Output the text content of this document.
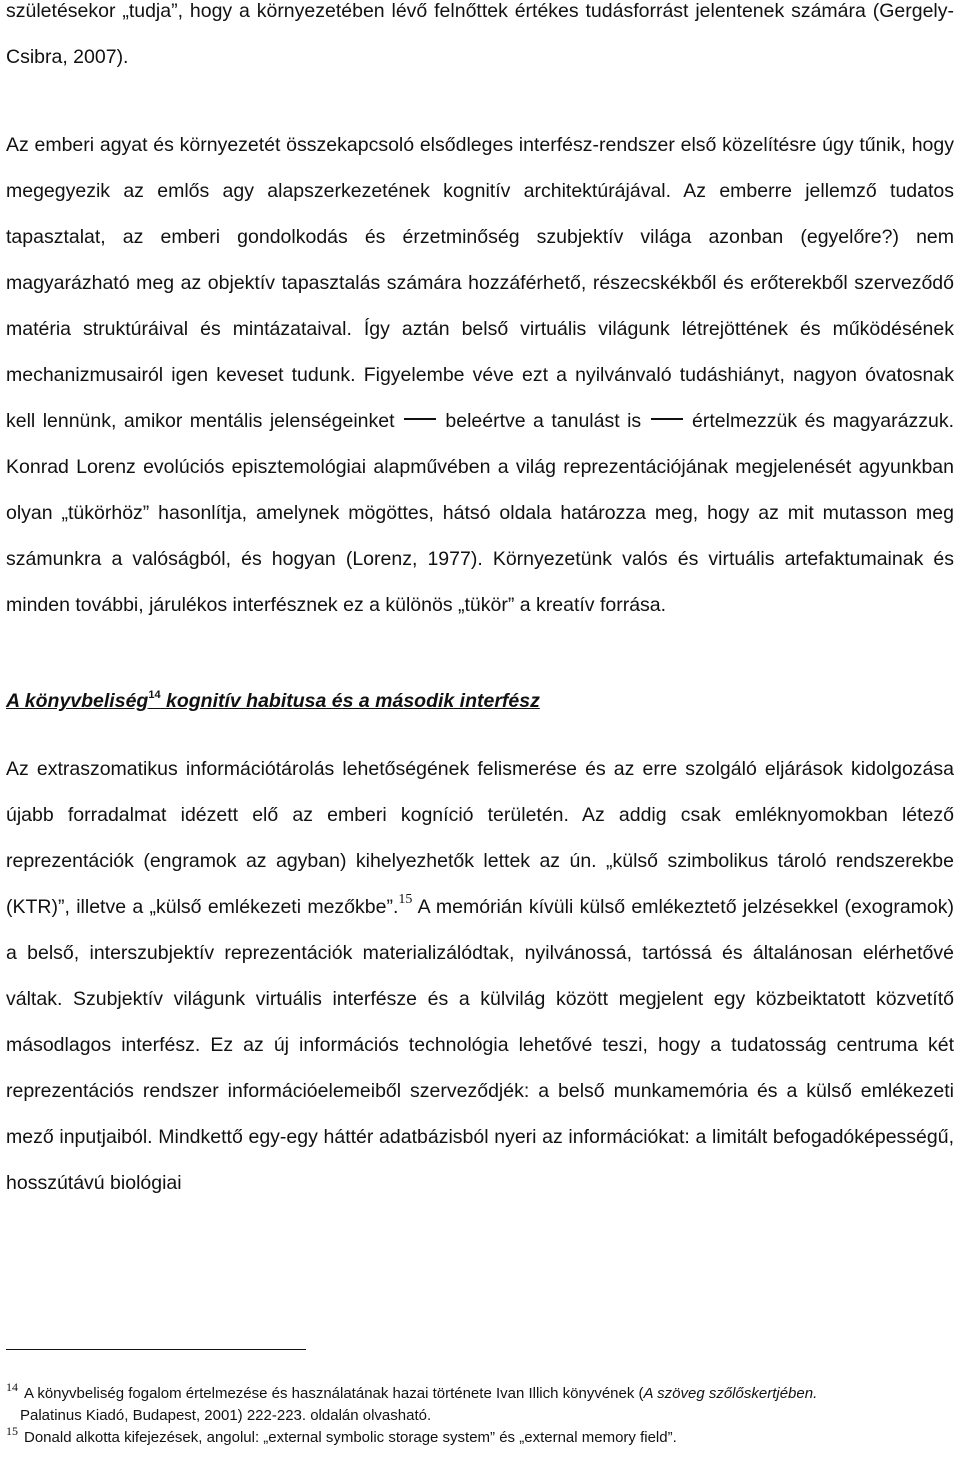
születésekor „tudja”, hogy a környezetében lévő felnőttek értékes tudásforrást jelentenek számára (Gergely-Csibra, 2007).

Az emberi agyat és környezetét összekapcsoló elsődleges interfész-rendszer első közelítésre úgy tűnik, hogy megegyezik az emlős agy alapszerkezetének kognitív architektúrájával. Az emberre jellemző tudatos tapasztalat, az emberi gondolkodás és érzetminőség szubjektív világa azonban (egyelőre?) nem magyarázható meg az objektív tapasztalás számára hozzáférhető, részecskékből és erőterekből szerveződő matéria struktúráival és mintázataival. Így aztán belső virtuális világunk létrejöttének és működésének mechanizmusairól igen keveset tudunk. Figyelembe véve ezt a nyilvánvaló tudáshiányt, nagyon óvatosnak kell lennünk, amikor mentális jelenségeinket	beleértve a tanulást is	értelmezzük és magyarázzuk. Konrad Lorenz evolúciós episztemológiai alapművében a világ reprezentációjának megjelenését agyunkban olyan „tükörhöz” hasonlítja, amelynek mögöttes, hátsó oldala határozza meg, hogy az mit mutasson meg számunkra a valóságból, és hogyan (Lorenz, 1977). Környezetünk valós és virtuális artefaktumainak és minden további, járulékos interfésznek ez a különös „tükör” a kreatív forrása.

A könyvbeliség$^{14}$ kognitív habitusa és a második interfész

Az extraszomatikus információtárolás lehetőségének felismerése és az erre szolgáló eljárások kidolgozása újabb forradalmat idézett elő az emberi kogníció területén. Az addig csak emléknyomokban létező reprezentációk (engramok az agyban) kihelyezhetők lettek az ún. „külső szimbolikus tároló rendszerekbe (KTR)”, illetve a „külső emlékezeti mezőkbe”.$^{15}$ A memórián kívüli külső emlékeztető jelzésekkel (exogramok) a belső, interszubjektív reprezentációk materializálódtak, nyilvánossá, tartóssá és általánosan elérhetővé váltak. Szubjektív világunk virtuális interfésze és a külvilág között megjelent egy közbeiktatott közvetítő másodlagos interfész. Ez az új információs technológia lehetővé teszi, hogy a tudatosság centruma két reprezentációs rendszer információelemeiből szerveződjék: a belső munkamemória és a külső emlékezeti mező inputjaiból. Mindkettő egy-egy háttér adatbázisból nyeri az információkat: a limitált befogadóképességű, hosszútávú biológiai

$^{14}$ A könyvbeliség fogalom értelmezése és használatának hazai története Ivan Illich könyvének (A szöveg szőlőskertjében.

Palatinus Kiadó, Budapest, 2001) 222-223. oldalán olvasható.

$^{15}$ Donald alkotta kifejezések, angolul: „external symbolic storage system” és „external memory field”.
